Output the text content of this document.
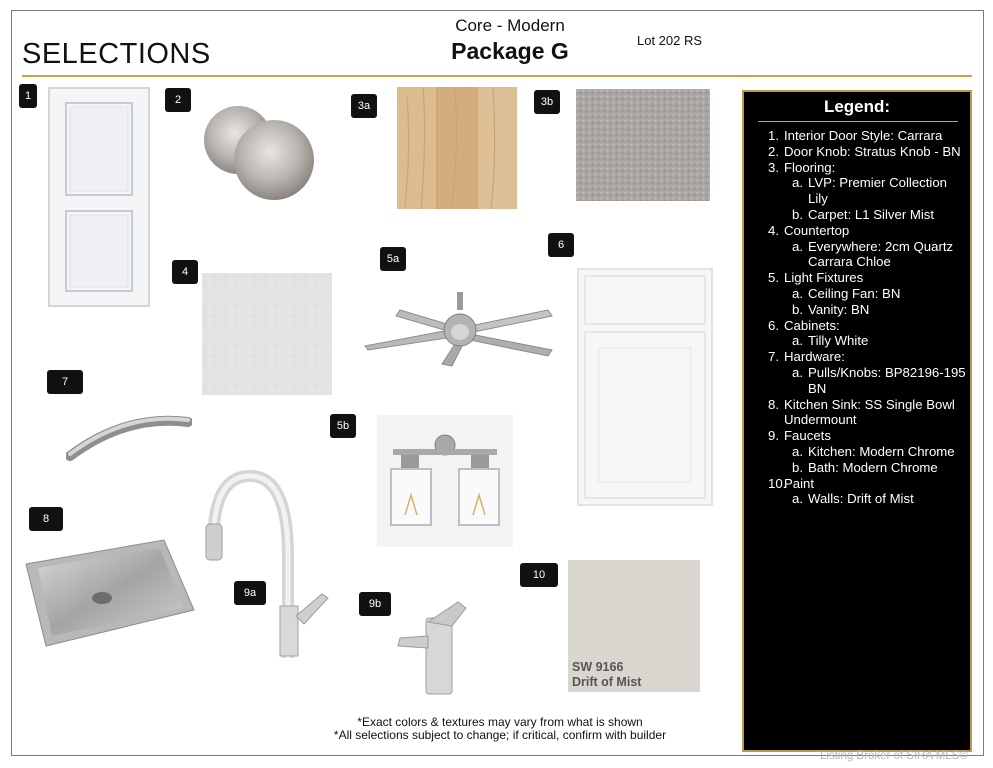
SELECTIONS
Core - Modern
Package G	Lot 202 RS
1	2	3a	3b
4
5a
6
7
5b
8
9a
9b
10
SW 9166
Drift of Mist
Legend:
1. Interior Door Style: Carrara
2. Door Knob: Stratus Knob - BN
3. Flooring:
a. LVP: Premier Collection Lily
b. Carpet: L1 Silver Mist
4. Countertop
a. Everywhere: 2cm Quartz Carrara Chloe
5. Light Fixtures
a. Ceiling Fan: BN
b. Vanity: BN
6. Cabinets:
a. Tilly White
7. Hardware:
a. Pulls/Knobs: BP82196-195 BN
8. Kitchen Sink: SS Single Bowl Undermount
9. Faucets
a. Kitchen: Modern Chrome
b. Bath: Modern Chrome
10.
Paint
a. Walls: Drift of Mist
*Exact colors & textures may vary from what is shown
*All selections subject to change; if critical, confirm with builder
Listing Broker of SIRA MLS©
